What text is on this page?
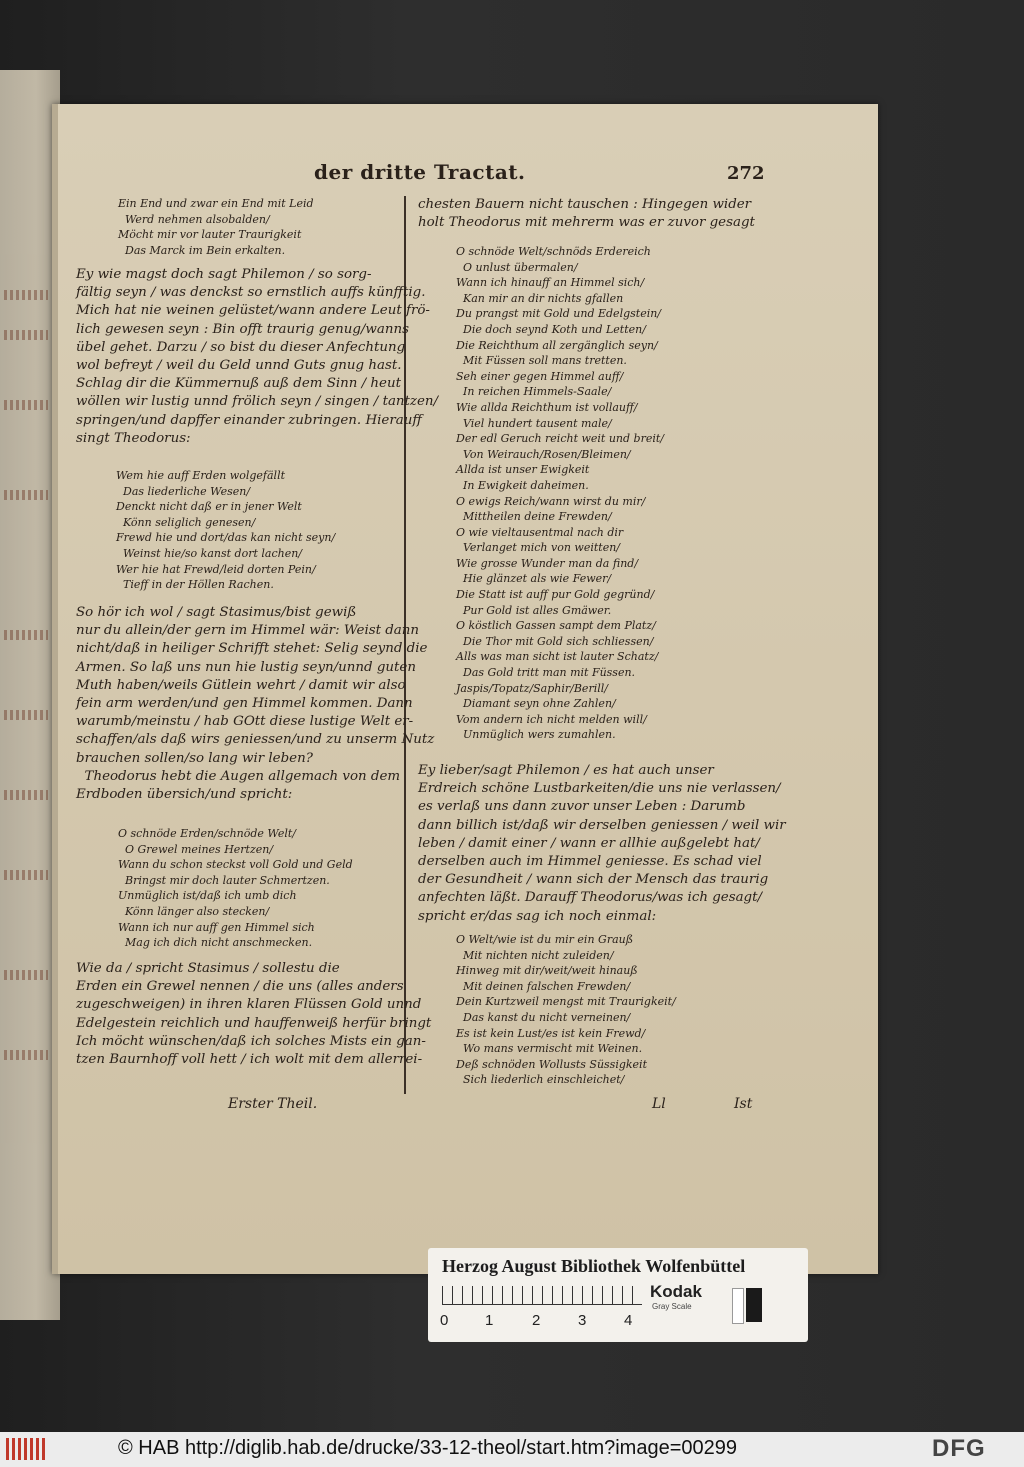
der dritte Tractat.	272
Ein End und zwar ein End mit Leid
Werd nehmen alsobalden/
Möcht mir vor lauter Traurigkeit
Das Marck im Bein erkalten.
Ey wie magst doch sagt Philemon / so sorg-
fältig seyn / was denckst so ernstlich auffs künfftig.
Mich hat nie weinen gelüstet/wann andere Leut frö-
lich gewesen seyn : Bin offt traurig genug/wanns
übel gehet. Darzu / so bist du dieser Anfechtung
wol befreyt / weil du Geld unnd Guts gnug hast.
Schlag dir die Kümmernuß auß dem Sinn / heut
wöllen wir lustig unnd frölich seyn / singen / tantzen/
springen/und dapffer einander zubringen. Hierauff
singt Theodorus:
Wem hie auff Erden wolgefällt
Das liederliche Wesen/
Denckt nicht daß er in jener Welt
Könn seliglich genesen/
Frewd hie und dort/das kan nicht seyn/
Weinst hie/so kanst dort lachen/
Wer hie hat Frewd/leid dorten Pein/
Tieff in der Höllen Rachen.
So hör ich wol / sagt Stasimus/bist gewiß
nur du allein/der gern im Himmel wär: Weist dann
nicht/daß in heiliger Schrifft stehet: Selig seynd die
Armen. So laß uns nun hie lustig seyn/unnd guten
Muth haben/weils Gütlein wehrt / damit wir also
fein arm werden/und gen Himmel kommen. Dann
warumb/meinstu / hab GOtt diese lustige Welt er-
schaffen/als daß wirs geniessen/und zu unserm Nutz
brauchen sollen/so lang wir leben?
Theodorus hebt die Augen allgemach von dem
Erdboden übersich/und spricht:
O schnöde Erden/schnöde Welt/
O Grewel meines Hertzen/
Wann du schon steckst voll Gold und Geld
Bringst mir doch lauter Schmertzen.
Unmüglich ist/daß ich umb dich
Könn länger also stecken/
Wann ich nur auff gen Himmel sich
Mag ich dich nicht anschmecken.
Wie da / spricht Stasimus / sollestu die
Erden ein Grewel nennen / die uns (alles anders
zugeschweigen) in ihren klaren Flüssen Gold unnd
Edelgestein reichlich und hauffenweiß herfür bringt
Ich möcht wünschen/daß ich solches Mists ein gan-
tzen Baurnhoff voll hett / ich wolt mit dem allerrei-
Erster Theil.
chesten Bauern nicht tauschen : Hingegen wider
holt Theodorus mit mehrerm was er zuvor gesagt
O schnöde Welt/schnöds Erdereich
O unlust übermalen/
Wann ich hinauff an Himmel sich/
Kan mir an dir nichts gfallen
Du prangst mit Gold und Edelgstein/
Die doch seynd Koth und Letten/
Die Reichthum all zergänglich seyn/
Mit Füssen soll mans tretten.
Seh einer gegen Himmel auff/
In reichen Himmels-Saale/
Wie allda Reichthum ist vollauff/
Viel hundert tausent male/
Der edl Geruch reicht weit und breit/
Von Weirauch/Rosen/Bleimen/
Allda ist unser Ewigkeit
In Ewigkeit daheimen.
O ewigs Reich/wann wirst du mir/
Mittheilen deine Frewden/
O wie vieltausentmal nach dir
Verlanget mich von weitten/
Wie grosse Wunder man da find/
Hie glänzet als wie Fewer/
Die Statt ist auff pur Gold gegründ/
Pur Gold ist alles Gmäwer.
O köstlich Gassen sampt dem Platz/
Die Thor mit Gold sich schliessen/
Alls was man sicht ist lauter Schatz/
Das Gold tritt man mit Füssen.
Jaspis/Topatz/Saphir/Berill/
Diamant seyn ohne Zahlen/
Vom andern ich nicht melden will/
Unmüglich wers zumahlen.
Ey lieber/sagt Philemon / es hat auch unser
Erdreich schöne Lustbarkeiten/die uns nie verlassen/
es verlaß uns dann zuvor unser Leben : Darumb
dann billich ist/daß wir derselben geniessen / weil wir
leben / damit einer / wann er allhie außgelebt hat/
derselben auch im Himmel geniesse. Es schad viel
der Gesundheit / wann sich der Mensch das traurig
anfechten läßt. Darauff Theodorus/was ich gesagt/
spricht er/das sag ich noch einmal:
O Welt/wie ist du mir ein Grauß
Mit nichten nicht zuleiden/
Hinweg mit dir/weit/weit hinauß
Mit deinen falschen Frewden/
Dein Kurtzweil mengst mit Traurigkeit/
Das kanst du nicht verneinen/
Es ist kein Lust/es ist kein Frewd/
Wo mans vermischt mit Weinen.
Deß schnöden Wollusts Süssigkeit
Sich liederlich einschleichet/
Ll	Ist
Herzog August Bibliothek Wolfenbüttel
0 1	2	3	4
Kodak
Gray Scale
© HAB http://diglib.hab.de/drucke/33-12-theol/start.htm?image=00299	DFG
